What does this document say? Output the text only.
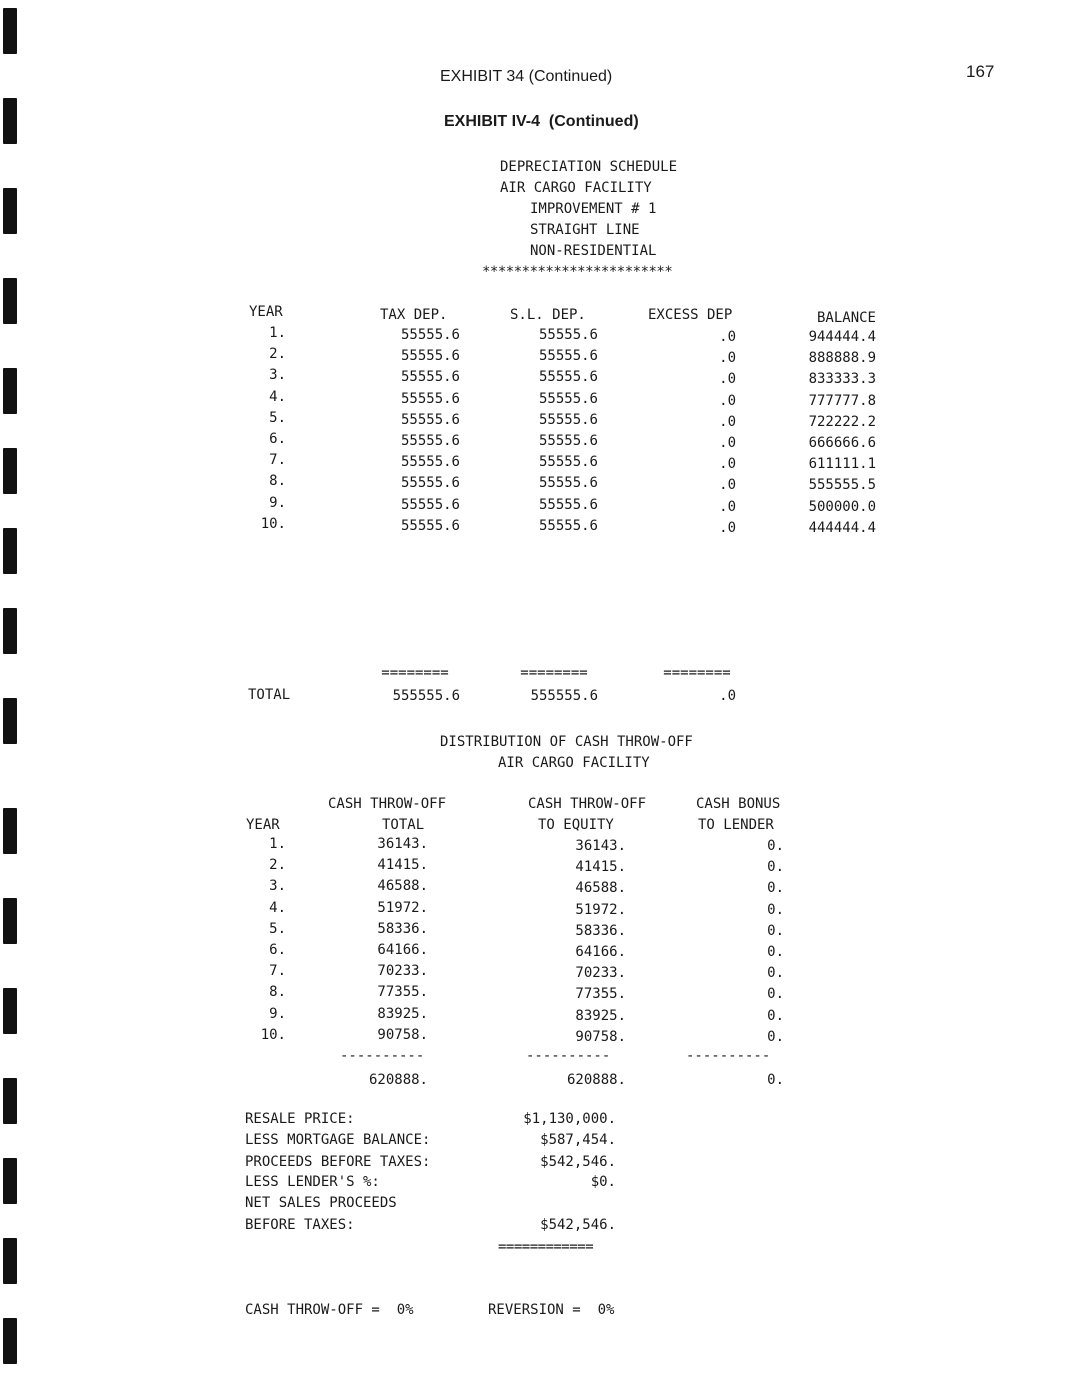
167
EXHIBIT 34 (Continued)
EXHIBIT IV-4  (Continued)
DEPRECIATION SCHEDULE
AIR CARGO FACILITY
IMPROVEMENT # 1
STRAIGHT LINE
NON-RESIDENTIAL
************************
YEAR	TAX DEP.	S.L. DEP.	EXCESS DEP	BALANCE
1.	55555.6	55555.6	.0	944444.4
2.	55555.6	55555.6	.0	888888.9
3.	55555.6	55555.6	.0	833333.3
4.	55555.6	55555.6	.0	777777.8
5.	55555.6	55555.6	.0	722222.2
6.	55555.6	55555.6	.0	666666.6
7.	55555.6	55555.6	.0	611111.1
8.	55555.6	55555.6	.0	555555.5
9.	55555.6	55555.6	.0	500000.0
10.	55555.6	55555.6	.0	444444.4
========	========	========
TOTAL	555555.6	555555.6	.0
DISTRIBUTION OF CASH THROW-OFF
AIR CARGO FACILITY
CASH THROW-OFF	CASH THROW-OFF	CASH BONUS
YEAR	TOTAL	TO EQUITY	TO LENDER
1.	36143.	36143.	0.
2.	41415.	41415.	0.
3.	46588.	46588.	0.
4.	51972.	51972.	0.
5.	58336.	58336.	0.
6.	64166.	64166.	0.
7.	70233.	70233.	0.
8.	77355.	77355.	0.
9.	83925.	83925.	0.
10.	90758.	90758.	0.
----------	----------	----------
620888.	620888.	0.
RESALE PRICE:	$1,130,000.
LESS MORTGAGE BALANCE:	$587,454.
PROCEEDS BEFORE TAXES:	$542,546.
LESS LENDER'S %:	$0.
NET SALES PROCEEDS
BEFORE TAXES:	$542,546.
============
CASH THROW-OFF =  0%	REVERSION =  0%
